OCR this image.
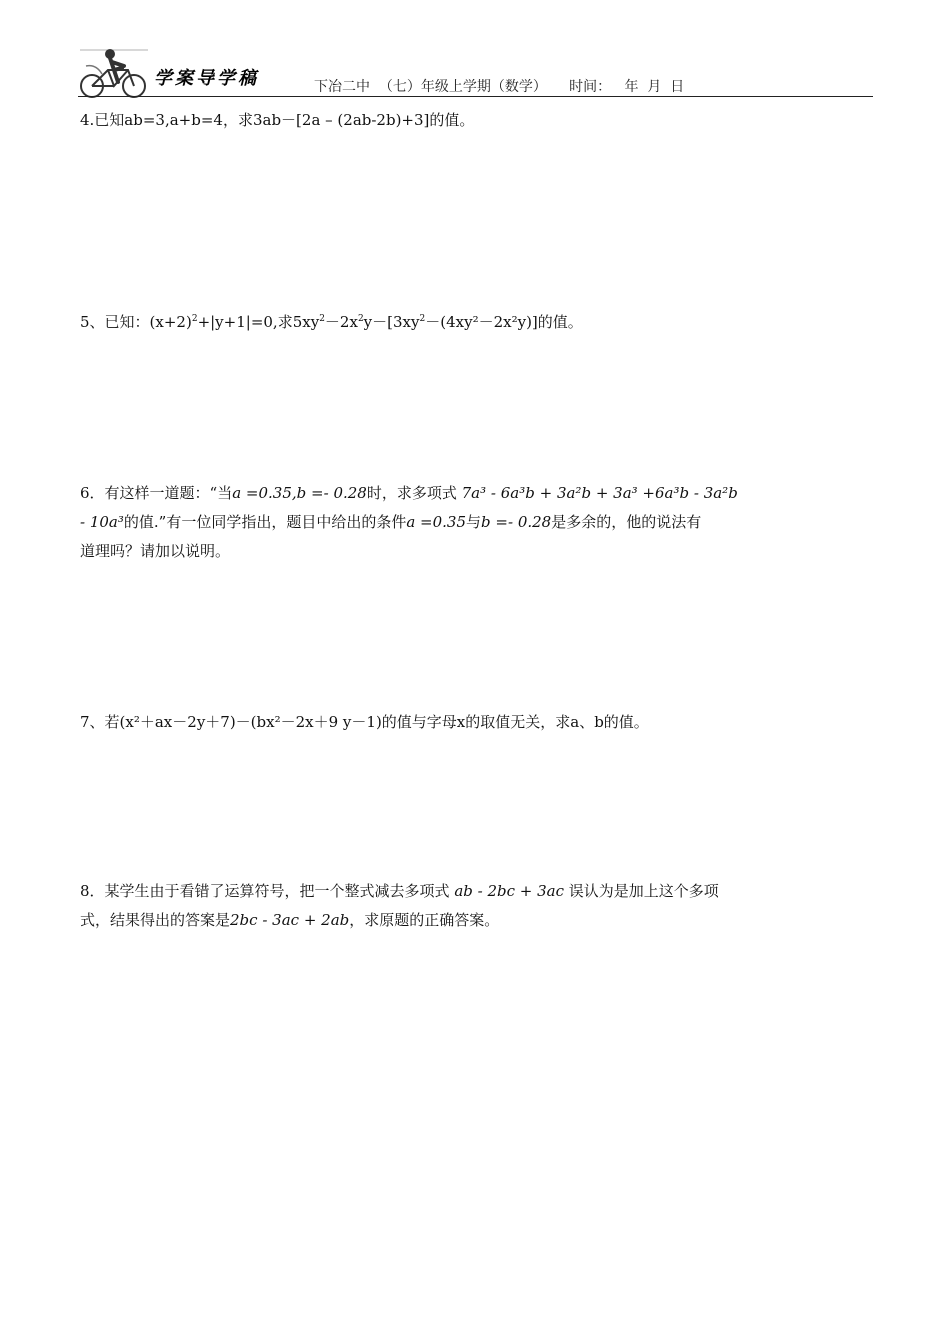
学案导学稿	下冶二中  （七）年级上学期（数学）     时间：   年  月  日

4.已知ab=3,a+b=4，求3ab－[2a – (2ab-2b)+3]的值。

5、已知：$(x+2)^2+|y+1|=0$,求$5xy^2-2x^2y-[3xy^2-(4xy^2-2x^2y)]$的值。

6．有这样一道题：“当a =0.35,b =- 0.28时，求多项式 7a³ - 6a³b + 3a²b + 3a³ +6a³b - 3a²b

- 10a³的值.”有一位同学指出，题目中给出的条件a =0.35与b =- 0.28是多余的，他的说法有

道理吗？请加以说明。

7、若(x²＋ax－2y＋7)－(bx²－2x＋9 y－1)的值与字母x的取值无关，求a、b的值。

8．某学生由于看错了运算符号，把一个整式减去多项式 ab - 2bc + 3ac 误认为是加上这个多项

式，结果得出的答案是2bc - 3ac + 2ab，求原题的正确答案。
